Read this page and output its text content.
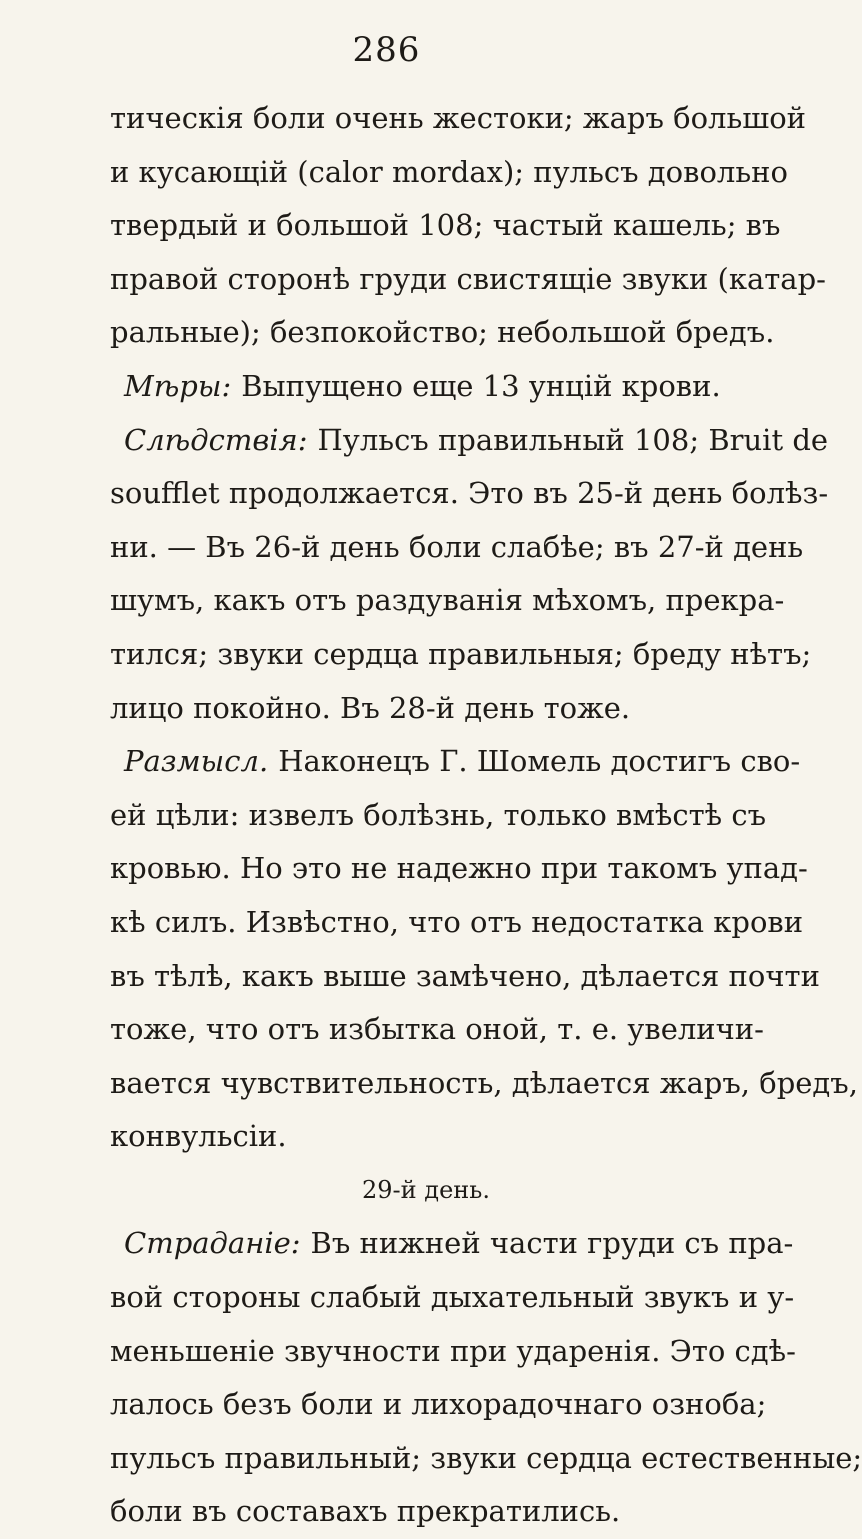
286
тическія боли очень жестоки; жаръ большой
и кусающій (calor mordax); пульсъ довольно
твердый и большой 108; частый кашель; въ
правой сторонѣ груди свистящіе звуки (катар-
ральные); безпокойство; небольшой бредъ.
Мѣры: Выпущено еще 13 унцій крови.
Слѣдствія: Пульсъ правильный 108; Bruit de
soufflet продолжается. Это въ 25-й день болѣз-
ни. — Въ 26-й день боли слабѣе; въ 27-й день
шумъ, какъ отъ раздуванія мѣхомъ, прекра-
тился; звуки сердца правильныя; бреду нѣтъ;
лицо покойно. Въ 28-й день тоже.
Размысл. Наконецъ Г. Шомель достигъ сво-
ей цѣли: извелъ болѣзнь, только вмѣстѣ съ
кровью. Но это не надежно при такомъ упад-
кѣ силъ. Извѣстно, что отъ недостатка крови
въ тѣлѣ, какъ выше замѣчено, дѣлается почти
тоже, что отъ избытка оной, т. е. увеличи-
вается чувствительность, дѣлается жаръ, бредъ,
конвульсіи.
29-й день.
Страданіе: Въ нижней части груди съ пра-
вой стороны слабый дыхательный звукъ и у-
меньшеніе звучности при ударенія. Это сдѣ-
лалось безъ боли и лихорадочнаго озноба;
пульсъ правильный; звуки сердца естественные;
боли въ составахъ прекратились.
